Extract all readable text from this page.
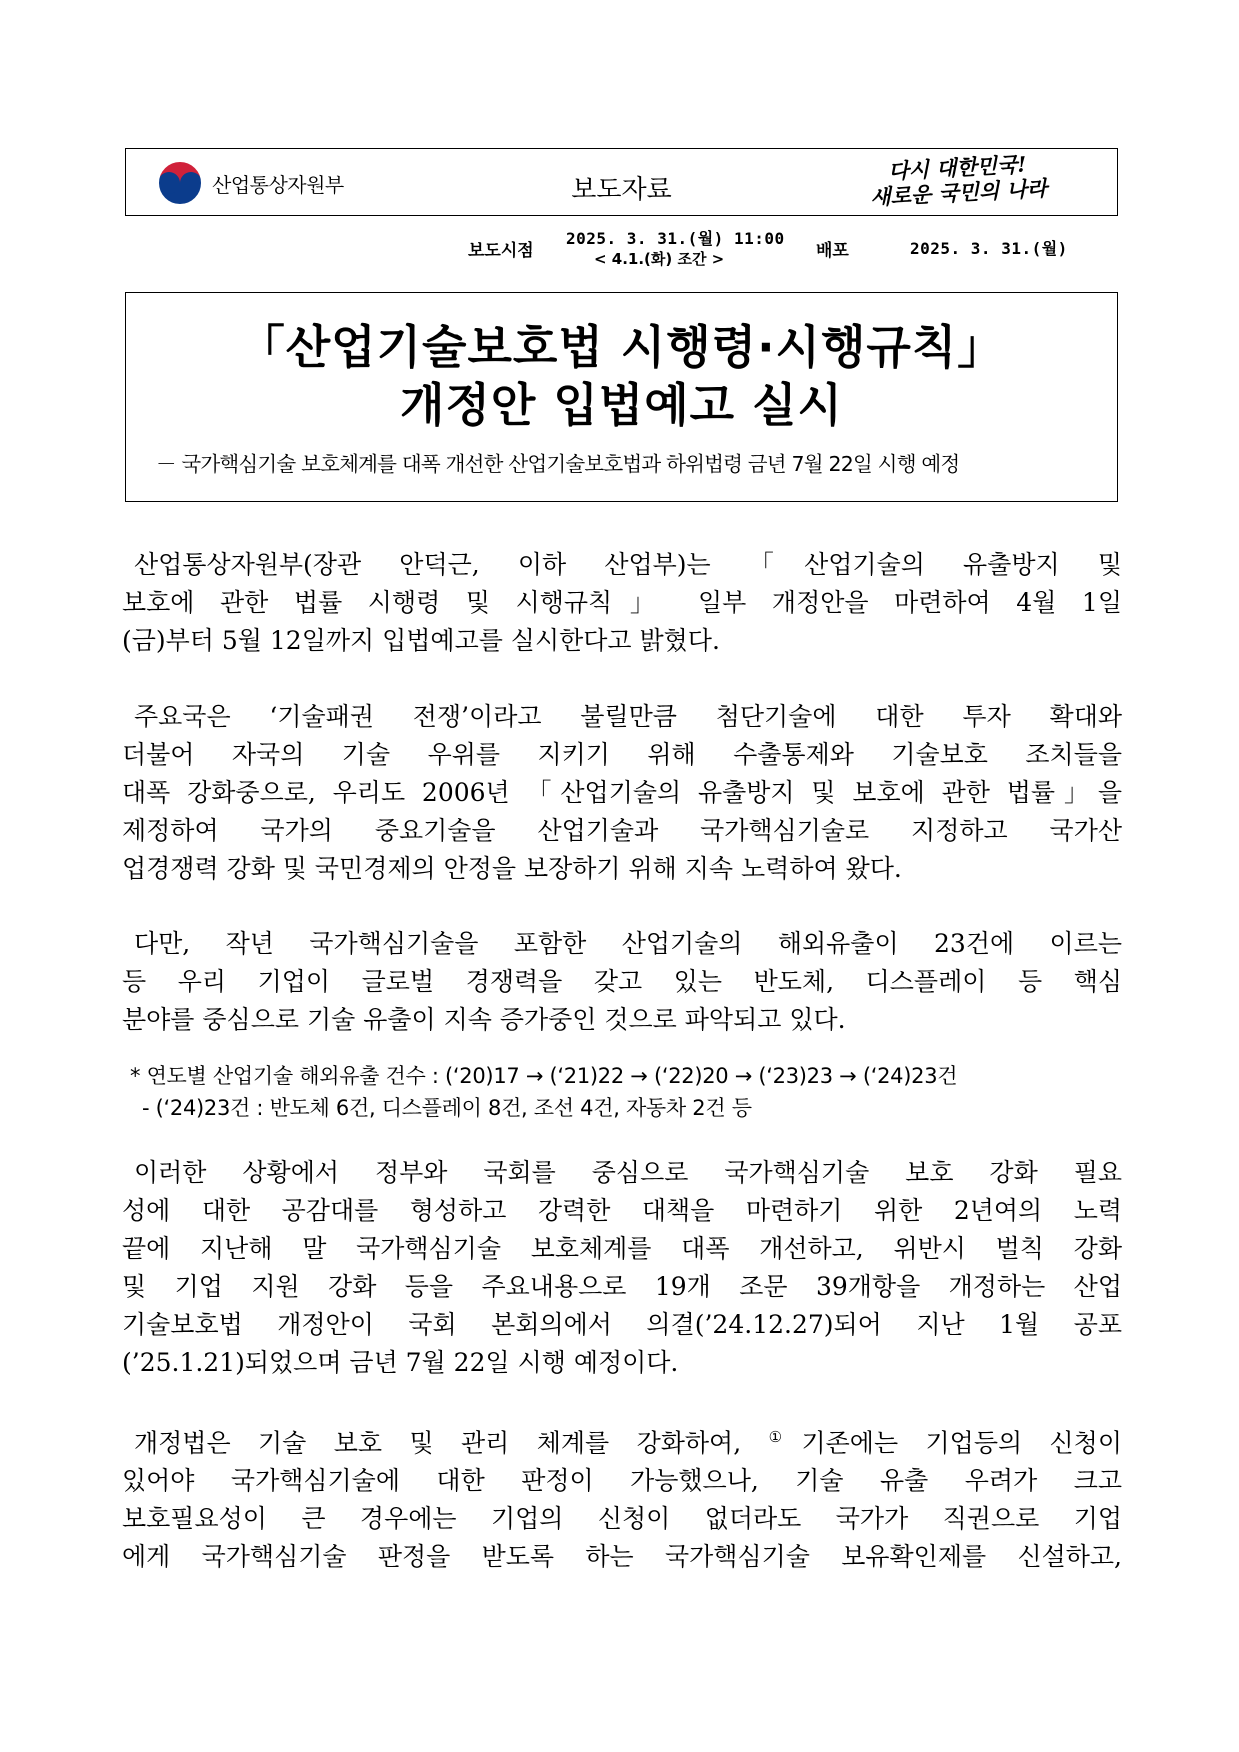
산업통상자원부	보도자료
다시 대한민국!
새로운 국민의 나라
보도시점
2025. 3. 31.(월) 11:00
< 4.1.(화) 조간 >	배포	2025. 3. 31.(월)
「산업기술보호법 시행령·시행규칙」
개정안 입법예고 실시
－ 국가핵심기술 보호체계를 대폭 개선한 산업기술보호법과 하위법령 금년 7월 22일 시행 예정
산업통상자원부(장관 안덕근, 이하 산업부)는 「산업기술의 유출방지 및
보호에 관한 법률 시행령 및 시행규칙」 일부 개정안을 마련하여 4월 1일
(금)부터 5월 12일까지 입법예고를 실시한다고 밝혔다.
주요국은 ‘기술패권 전쟁’이라고 불릴만큼 첨단기술에 대한 투자 확대와
더불어 자국의 기술 우위를 지키기 위해 수출통제와 기술보호 조치들을
대폭 강화중으로, 우리도 2006년 「산업기술의 유출방지 및 보호에 관한 법률」을
제정하여 국가의 중요기술을 산업기술과 국가핵심기술로 지정하고 국가산
업경쟁력 강화 및 국민경제의 안정을 보장하기 위해 지속 노력하여 왔다.
다만, 작년 국가핵심기술을 포함한 산업기술의 해외유출이 23건에 이르는
등 우리 기업이 글로벌 경쟁력을 갖고 있는 반도체, 디스플레이 등 핵심
분야를 중심으로 기술 유출이 지속 증가중인 것으로 파악되고 있다.
* 연도별 산업기술 해외유출 건수 : (‘20)17 → (‘21)22 → (‘22)20 → (‘23)23 → (‘24)23건
- (‘24)23건 : 반도체 6건, 디스플레이 8건, 조선 4건, 자동차 2건 등
이러한 상황에서 정부와 국회를 중심으로 국가핵심기술 보호 강화 필요
성에 대한 공감대를 형성하고 강력한 대책을 마련하기 위한 2년여의 노력
끝에 지난해 말 국가핵심기술 보호체계를 대폭 개선하고, 위반시 벌칙 강화
및 기업 지원 강화 등을 주요내용으로 19개 조문 39개항을 개정하는 산업
기술보호법 개정안이 국회 본회의에서 의결(’24.12.27)되어 지난 1월 공포
(’25.1.21)되었으며 금년 7월 22일 시행 예정이다.
개정법은 기술 보호 및 관리 체계를 강화하여, ①기존에는 기업등의 신청이
있어야 국가핵심기술에 대한 판정이 가능했으나, 기술 유출 우려가 크고
보호필요성이 큰 경우에는 기업의 신청이 없더라도 국가가 직권으로 기업
에게 국가핵심기술 판정을 받도록 하는 국가핵심기술 보유확인제를 신설하고,
